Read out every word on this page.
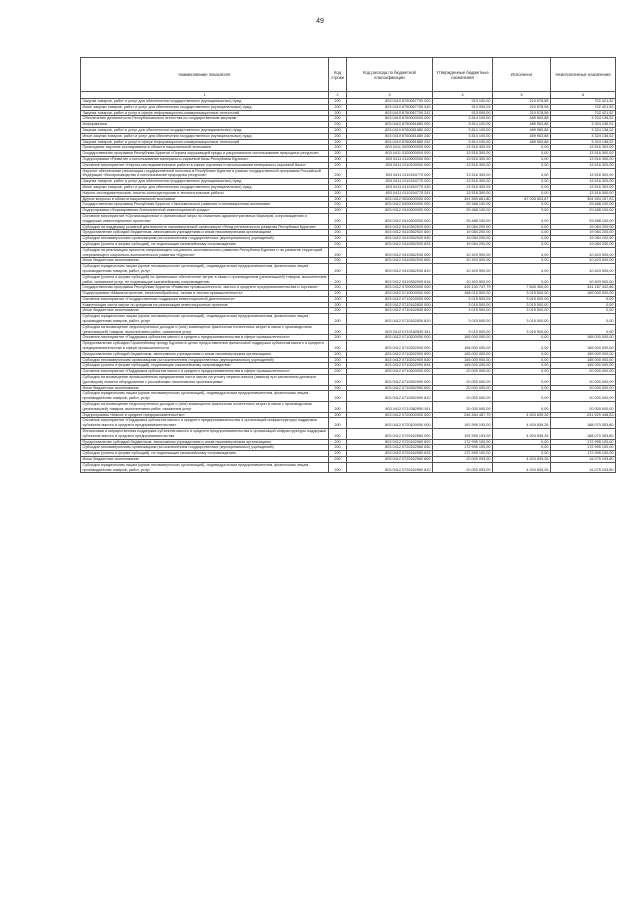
49
Наименование показателя	Код строки	Код расхода по бюджетной классификации	Утвержденные бюджетные назначения	Исполнено	Неисполненные назначения
1	2	3	4	5	6
Закупка товаров, работ и услуг для обеспечения государственных (муниципальных) нужд	200	803 0410 8750067700 200	913 100,00	210 578,58	702 421,52
Иные закупки товаров, работ и услуг для обеспечения государственных (муниципальных) нужд	200	803 0410 8750067700 240	913 000,00	210 578,58	702 421,52
Закупка товаров, работ и услуг в сфере информационно-коммуникационных технологий	200	803 0410 8750067700 242	913 000,00	210 578,58	702 421,52
Обеспечение деятельности Республиканского агентства по государственным закупкам	200	803 0410 8760000000 000	3 814 100,00	489 963,88	3 324 136,02
Информатика	200	803 0410 8760081880 000	3 814 100,00	489 963,88	3 324 136,02
Закупка товаров, работ и услуг для обеспечения государственных (муниципальных) нужд	200	803 0410 8760081880 200	3 814 100,00	489 965,88	3 324 136,02
Иные закупки товаров, работ и услуг для обеспечения государственных (муниципальных) нужд	200	803 0410 8760081880 240	3 814 100,00	489 963,88	3 324 136,02
Закупка товаров, работ и услуг в сфере информационно-коммуникационных технологий	200	803 0410 8760081880 242	3 814 100,00	489 963,88	3 324 136,02
Прикладные научные исследования в области национальной экономики	200	803 0411 0000000000 000	13 516 300,00	0,00	13 516 300,00
Государственная программа Республики Бурятия «Охрана окружающей среды и рациональное использование природных ресурсов»	200	803 0411 0100000000 000	13 516 300,00	0,00	13 516 300,00
Подпрограмма «Развитие и использование минерально-сырьевой базы Республики Бурятия»	200	803 0411 0110000000 000	13 516 300,00	0,00	13 516 300,00
Основное мероприятие «Научно-исследовательские работы в сфере изучения и использования минерально-сырьевой базы»	200	803 0411 0110100000 000	13 516 300,00	0,00	13 516 300,00
Научное обеспечение реализации государственной политики в Республике Бурятия в рамках государственной программы Российской Федерации «Воспроизводство и использование природных ресурсов»	200	803 0411 0110154770 000	13 516 300,00	0,00	13 516 300,00
Закупка товаров, работ и услуг для обеспечения государственных (муниципальных) нужд	200	803 0411 0110154770 200	13 516 300,00	0,00	13 516 300,00
Иные закупки товаров, работ и услуг для обеспечения государственных (муниципальных) нужд	200	803 0411 0110154770 240	13 516 300,00	0,00	13 516 300,00
Научно-исследовательские, опытно-конструкторские и технологические работы	200	803 0411 0110154770 241	13 516 300,00	0,00	13 516 300,00
Другие вопросы в области национальной экономики	200	803 0412 0000000000 000	391 559 661,80	87 005 503,87	304 554 157,93
Государственная программа Республики Бурятия «Экономическое развитие и инновационная экономика»	200	803 0412 0400000000 000	29 488 100,00	0,00	29 488 100,00
Подпрограмма «Формирование благоприятной инвестиционной среды»	200	803 0412 0410000000 000	29 488 100,00	0,00	29 488 100,00
Основное мероприятие «Организационные и финансовые меры по снижению административных барьеров, сопровождению и поддержке инвестиционных проектов»	200	803 0412 0410300000 000	29 488 100,00	0,00	29 488 100,00
Субсидия на поддержку уставной деятельности некоммерческой организации «Фонд регионального развития Республики Бурятия»	200	803 0412 0410362920 000	19 084 200,00	0,00	19 084 200,00
Предоставление субсидий бюджетным, автономным учреждениям и иным некоммерческим организациям	200	803 0412 0410362920 600	19 084 200,00	0,00	19 084 200,00
Субсидии некоммерческим организациям (за исключением государственных (муниципальных) учреждений)	200	803 0412 0410362920 630	19 084 200,00	0,00	19 084 200,00
Субсидии (гранты в форме субсидий), не подлежащие казначейскому сопровождению	200	803 0412 0410362920 633	19 084 200,00	0,00	19 084 200,00
Субсидия на реализацию проектов опережающего социально-экономического развития Республики Бурятия и на развитие территорий опережающего социально-экономического развития «Бурятия»	200	803 0412 0410362930 000	10 403 900,00	0,00	10 403 900,00
Иные бюджетные ассигнования	200	803 0412 0410362930 800	10 403 900,00	0,00	10 403 900,00
Субсидии юридическим лицам (кроме некоммерческих организаций), индивидуальным предпринимателям, физическим лицам - производителям товаров, работ, услуг	200	803 0412 0410362930 810	10 403 900,00	0,00	10 403 900,00
Субсидии (гранты в форме субсидий) на финансовое обеспечение затрат в связи с производством (реализацией) товаров, выполнением работ, оказанием услуг, не подлежащие казначейскому сопровождению	200	803 0412 0410362930 816	10 403 900,00	0,00	10 403 900,00
Государственная программа Республики Бурятия «Развитие промышленности, малого и среднего предпринимательства и торговли»	200	803 0412 0700000000 000	439 190 747,79	7 840 300,00	431 167 442,86
Подпрограмма «Машиностроение, металлообработка, легкая и лесная промышленность»	200	803 0412 0710000000 000	168 015 500,00	3 015 500,00	165 000 000,00
Основное мероприятие «Государственная поддержка инвестиционной деятельности»	200	803 0412 0710100000 000	3 015 500,00	3 015 500,00	0,00
Компенсация части затрат по кредитам на реализацию инвестиционных проектов	200	803 0412 0710162830 000	3 015 500,00	3 015 500,00	0,00
Иные бюджетные ассигнования	200	803 0412 0710162830 800	3 015 500,00	3 015 500,00	0,00
Субсидии юридическим лицам (кроме некоммерческих организаций), индивидуальным предпринимателям, физическим лицам - производителям товаров, работ, услуг	200	803 0412 0710162830 810	3 015 500,00	3 015 500,00	0,00
Субсидии на возмещение недополученных доходов и (или) возмещение фактически понесенных затрат в связи с производством (реализацией) товаров, выполнением работ, оказанием услуг	200	803 0412 0710162830 811	3 015 500,00	3 015 500,00	0,00
Основное мероприятие «Поддержка субъектов малого и среднего предпринимательства в сфере промышленности»	200	803 0412 0710200000 000	165 000 000,00	0,00	165 000 000,00
Предоставление субсидии Гарантийному фонду Бурятии в целях предоставления финансовой поддержки субъектам малого и среднего предпринимательства в сфере промышленности	200	803 0412 0710262900 000	165 000 000,00	0,00	165 000 000,00
Предоставление субсидий бюджетным, автономным учреждениям и иным некоммерческим организациям	200	803 0412 0710262900 600	165 000 000,00	0,00	165 000 000,00
Субсидии некоммерческим организациям (за исключением государственных (муниципальных) учреждений)	200	803 0412 0710262900 630	165 000 000,00	0,00	165 000 000,00
Субсидии (гранты в форме субсидий), подлежащие казначейскому сопровождению	200	803 0412 0710262900 634	165 000 000,00	0,00	165 000 000,00
Основное мероприятие «Поддержка субъектов малого и среднего предпринимательства в сфере промышленности»	200	803 0412 0710300000 000	20 000 000,00	0,00	20 000 000,00
Субсидия на возмещение промышленным предприятиям части затрат на уплату первого взноса (аванса) при заключении договора (договоров) лизинга оборудования с российскими лизинговыми организациями	200	803 0412 0710362950 000	20 000 000,00	0,00	20 000 000,00
Иные бюджетные ассигнования	200	803 0412 0710362950 800	20 000 000,00	0,00	20 000 000,00
Субсидии юридическим лицам (кроме некоммерческих организаций), индивидуальным предпринимателям, физическим лицам - производителям товаров, работ, услуг	200	803 0412 0710362950 810	20 000 000,00	0,00	20 000 000,00
Субсидии на возмещение недополученных доходов и (или) возмещение фактически понесенных затрат в связи с производством (реализацией) товаров, выполнением работ, оказанием услуг	200	803 0412 0710362950 811	20 000 000,00	0,00	20 000 000,00
Подпрограмма «Малое и среднее предпринимательство»	200	803 0412 0720000000 000	246 454 487,79	4 924 839,26	241 529 448,53
Основное мероприятие «Поддержка субъектов малого и среднего предпринимательства и организаций инфраструктуры поддержки субъектов малого и среднего предпринимательства»	200	803 0412 0720100000 000	192 995 193,00	4 924 839,26	188 070 353,80
Финансовая и имущественная поддержка субъектов малого и среднего предпринимательства и организаций инфраструктуры поддержки субъектов малого и среднего предпринимательства	200	803 0412 0720162960 000	192 995 193,00	4 924 839,26	188 070 353,80
Предоставление субсидий бюджетным, автономным учреждениям и иным некоммерческим организациям	200	803 0412 0720162960 600	172 995 100,00	0,00	172 995 100,00
Субсидии некоммерческим организациям (за исключением государственных (муниципальных) учреждений)	200	803 0412 0720162960 630	172 995 100,00	0,00	172 995 100,00
Субсидии (гранты в форме субсидий), не подлежащие казначейскому сопровождению	200	803 0412 0720162960 633	172 995 100,00	0,00	172 995 100,00
Иные бюджетные ассигнования	200	803 0412 0720162960 800	20 000 093,00	4 924 839,26	15 075 193,80
Субсидии юридическим лицам (кроме некоммерческих организаций), индивидуальным предпринимателям, физическим лицам - производителям товаров, работ, услуг	200	803 0412 0720162960 810	20 000 093,00	4 924 839,26	15 075 193,80
